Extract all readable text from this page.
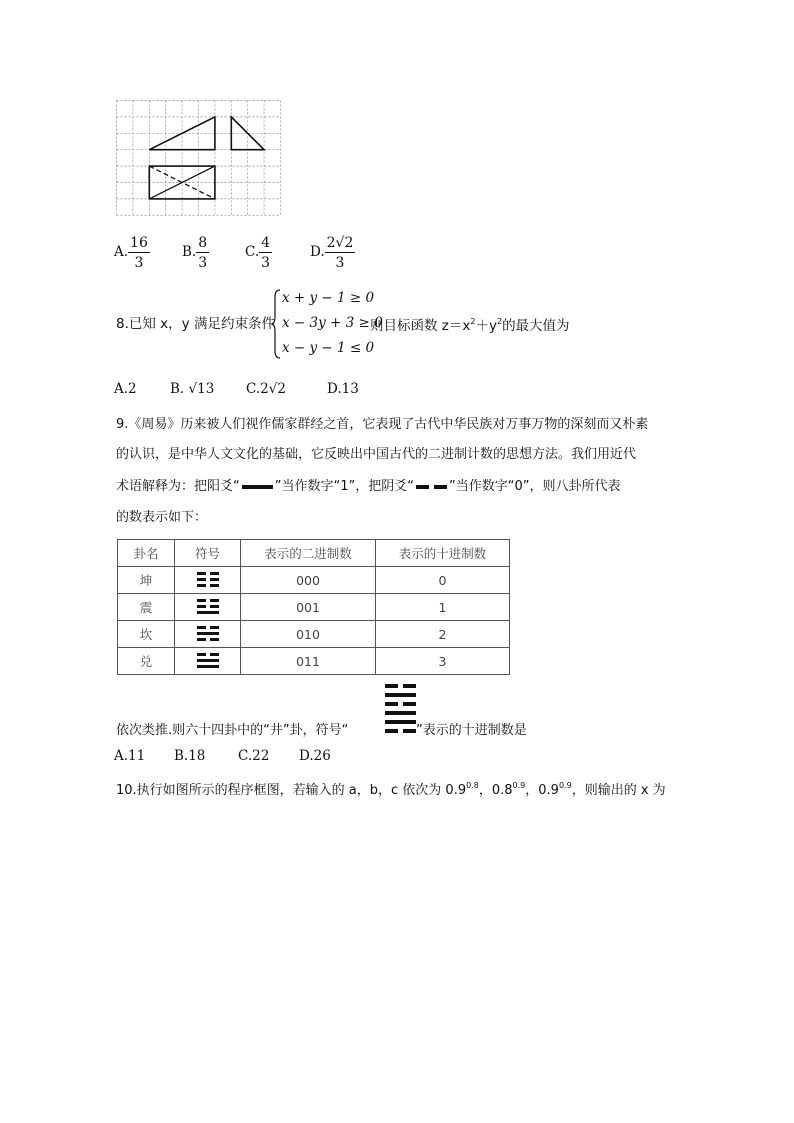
A. $\frac{16}{3} B$. $\frac{8}{3}$	C. $\frac{4}{3}$	D. $\frac{2√2}{3}$
8.已知 x，y 满足约束条件
x + y − 1 ≥ 0
x − 3y + 3 ≥ 0
x − y − 1 ≤ 0
则目标函数 $z=x^2+y^2$的最大值为
A.2 B. √13 C.2√2	D.13
9.《周易》历来被人们视作儒家群经之首，它表现了古代中华民族对万事万物的深刻而又朴素
的认识，是中华人文文化的基础，它反映出中国古代的二进制计数的思想方法。我们用近代
术语解释为：把阳爻“	”当作数字“1”，把阴爻“	”当作数字“0”，则八卦所代表
的数表示如下：
卦名	符号	表示的二进制数	表示的十进制数
坤		000	0
震		001	1
坎		010	2
兑		011	3
依次类推.则六十四卦中的“井”卦，符号“	”表示的十进制数是
A.11 B.18 C.22 D.26
10.执行如图所示的程序框图，若输入的 a，b，c 依次为 $0.9^{0.8}$，$0.8^{0.9}$，$0.9^{0.9}$，则输出的 x 为
